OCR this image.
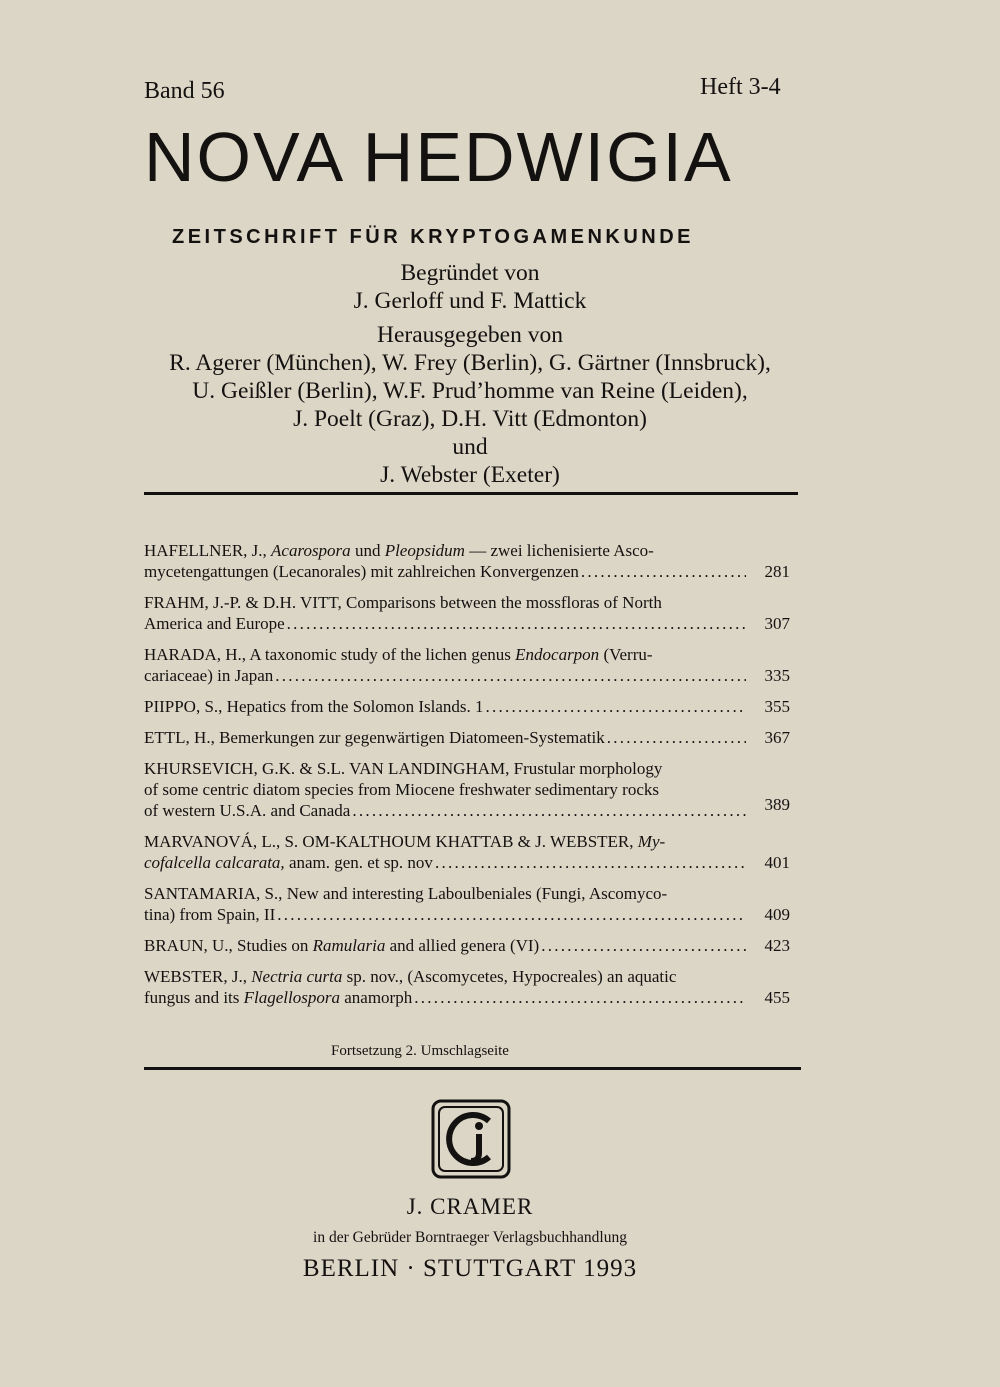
Band 56	Heft 3-4
NOVA HEDWIGIA
ZEITSCHRIFT FÜR KRYPTOGAMENKUNDE
Begründet von
J. Gerloff und F. Mattick
Herausgegeben von
R. Agerer (München), W. Frey (Berlin), G. Gärtner (Innsbruck),
U. Geißler (Berlin), W.F. Prud’homme van Reine (Leiden),
J. Poelt (Graz), D.H. Vitt (Edmonton)
und
J. Webster (Exeter)
HAFELLNER, J., Acarospora und Pleopsidum — zwei lichenisierte Asco-
mycetengattungen (Lecanorales) mit zahlreichen Konvergenzen . . .	281
FRAHM, J.-P. & D.H. VITT, Comparisons between the mossfloras of North
America and Europe . . .	307
HARADA, H., A taxonomic study of the lichen genus Endocarpon (Verru-
cariaceae) in Japan . . .	335
PIIPPO, S., Hepatics from the Solomon Islands. 1 . . .	355
ETTL, H., Bemerkungen zur gegenwärtigen Diatomeen-Systematik . . .	367
KHURSEVICH, G.K. & S.L. VAN LANDINGHAM, Frustular morphology
of some centric diatom species from Miocene freshwater sedimentary rocks
of western U.S.A. and Canada . . .	389
MARVANOVÁ, L., S. OM-KALTHOUM KHATTAB & J. WEBSTER, My-
cofalcella calcarata, anam. gen. et sp. nov . . .	401
SANTAMARIA, S., New and interesting Laboulbeniales (Fungi, Ascomyco-
tina) from Spain, II . . .	409
BRAUN, U., Studies on Ramularia and allied genera (VI) . . .	423
WEBSTER, J., Nectria curta sp. nov., (Ascomycetes, Hypocreales) an aquatic
fungus and its Flagellospora anamorph . . .	455
Fortsetzung 2. Umschlagseite
J. CRAMER
in der Gebrüder Borntraeger Verlagsbuchhandlung
BERLIN · STUTTGART 1993
